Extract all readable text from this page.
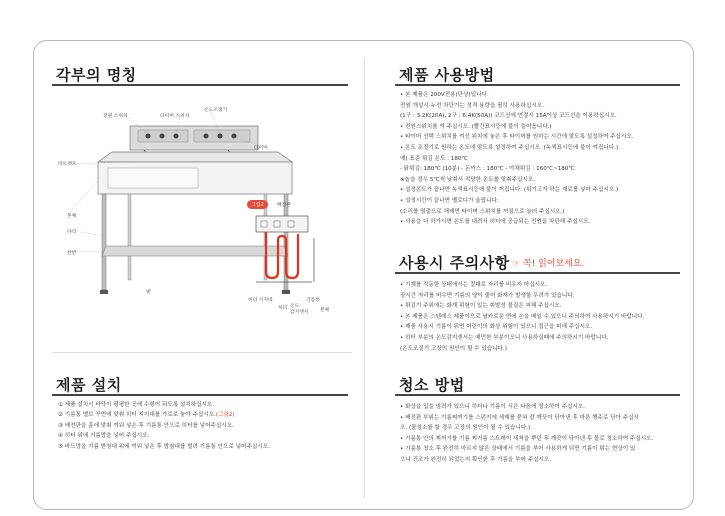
각부의 명칭
전원 스위치	타이머 스위치
온도조절기
타이머
바트켓트
본체
다리
선반
발
그림2	배전판
히터 지지대
히터 온도
감지센서
기름통
본체
제품 설치

① 제품 설치시 바닥이 평평한 곳에 수평이 되도록 설치하십시오.

② 기름통 밸브 꾸먼에 맞춰 히터 지지대를 가로로 놓아 주십시오.(그림2)

③ 배전판을 홈에 맞춰 끼워 넣은 후 기름통 안으로 히터를 넣어주십시오.

④ 히터 위에 거름망을 넣어 주십시오.

⑤ 바드망을 기름 받침대 위에 끼워 넣은 후 밤첨대를 벌려 기름통 안으로 넣어주십시오.

제품 사용방법

• 본 제품은 200V전용(단상)입니다.

전원 개설시 누전 차단기는 정격 용량을 필히 사용하십시오.

(1구 : 3.2K(20A), 2구 : 6.4K(50A)) 코드선에 연결시 15A이상 코드선을 이용하십시오.

• 전원스위치를 켜 주십시오. (빨간표시등에 불이 들어옵니다.)

• 타이머 선택 스위치를 켜신 위치에 놓은 후 타이머를 원하는 시간에 맞도록 설정하여 주십시오.

• 온도 조절기로 원하는 온도에 맞도록 설정하여 주십시오. (녹색표시등에 불이 켜집니다.)

예) 표준 튀김 온도 : 180℃

- 닭튀김: 180℃ (10분) - 돈까스 : 180℃ - 야채튀김 : 160℃~180℃

※놀을 경우 5℃씩 낮춰서 적당한 온도를 맞춰주십시오.

• 설정온도가 끝나면 녹색표시등에 불이 꺼집니다. (튀기고자 하는 재료를 넣어 주십시오.)

• 설정시간이 끝나면 벨로디가 울립니다.

(소리를 멈출으로 해제면 타이머 스위치를 꺼짐으로 눌러 주십시오.)

• 사용을 다 하가시면 온도를 내려서 히터에 공급되는 전원을 차단해 주십시오.

사용시 주의사항 ☞ 꼭! 읽어보세요.

• 기계를 작동한 상태에서는 절대로 자리를 비우지 마십시오.

장시간 자리를 비우면 기름의 양이 줄어 화재가 발생할 우려가 있습니다.

• 튀김기 주위에는 화재 위험이 있는 휘발성 물질은 피해 주십시오.

• 본 제품은 스텐레스 제품이므로 날카로운 면에 손을 베일 수 있으니 주의하여 사용하시기 바랍니다.

• 제품 사용시 기름이 튀면 어린이의 화상 위험이 있으니 접근을 피해 주십시오.

• 히터 부분의 온도감지센서는 예민한 부분이오니 사용하실때에 주의하시기 바랍니다.

(온도조절기 고장의 원인이 될 수 있습니다.)

청소 방법

• 화상을 입을 염려가 있으니 히터나 기름이 식은 다음에 청소하여 주십시오.

• 배전판 부위는 기름찌꺼기를 스펀지에 세제를 묻혀 잘 깨끗이 닦아낸 후 마른 행주로 닦아 주십시

오. (물청소를 할 경우 고장의 원인이 될 수 있습니다.)

• 기름통 안의 찌꺼기를 기름 찌거름 스트레이 세척을 뿌린 후 깨끗이 닦아낸 후 물로 청소하여 주십시오.

• 기름통 청소 후 완전히 마르지 않은 상태에서 기름을 부어 사용하게 되면 기름이 튀는 현상이 있

으니 건조가 완전히 되었는지 확인한 후 기름을 부어 주십시오.
